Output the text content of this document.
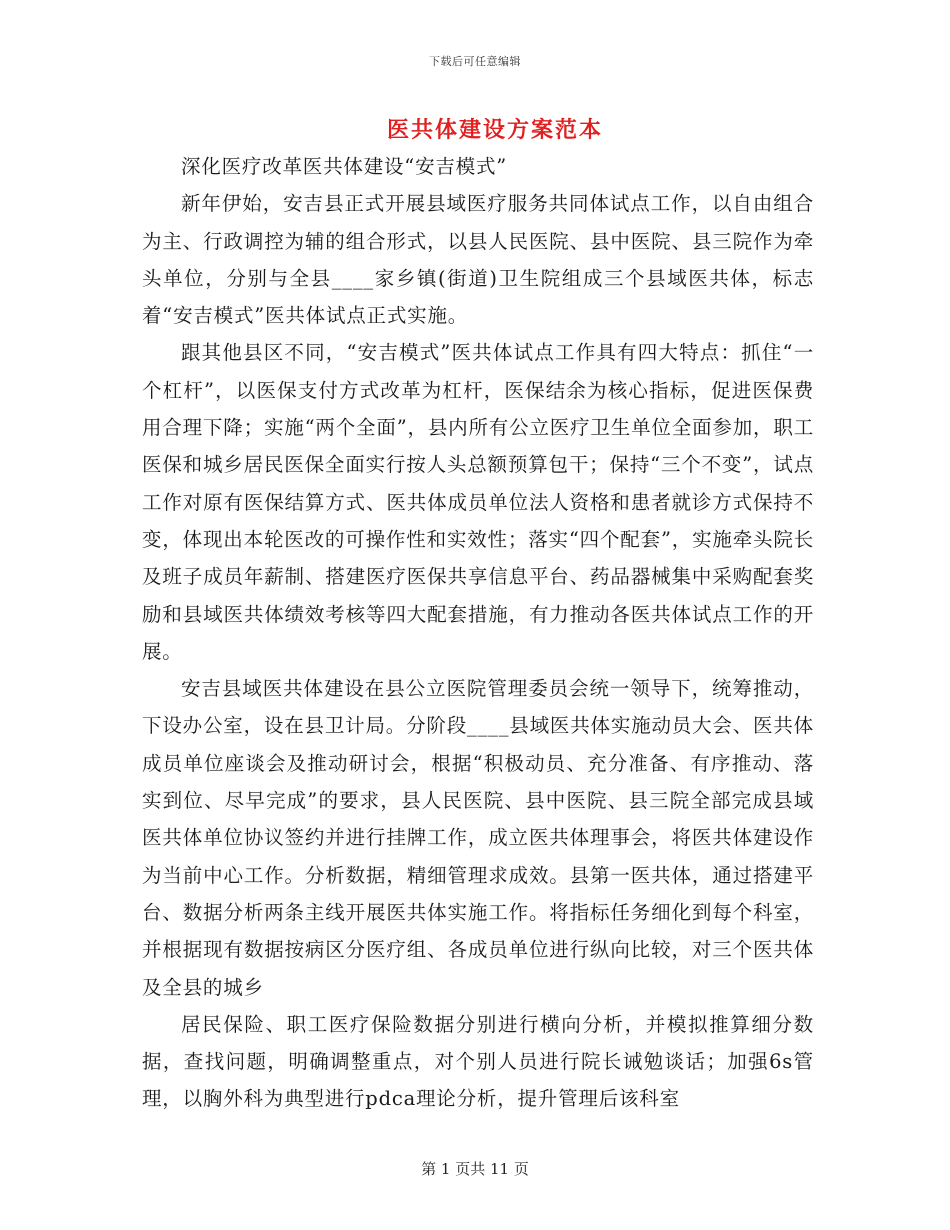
下载后可任意编辑
医共体建设方案范本

深化医疗改革医共体建设“安吉模式”

新年伊始，安吉县正式开展县域医疗服务共同体试点工作，以自由组合为主、行政调控为辅的组合形式，以县人民医院、县中医院、县三院作为牵头单位，分别与全县____家乡镇(街道)卫生院组成三个县域医共体，标志着“安吉模式”医共体试点正式实施。

跟其他县区不同，“安吉模式”医共体试点工作具有四大特点：抓住“一个杠杆”，以医保支付方式改革为杠杆，医保结余为核心指标，促进医保费用合理下降；实施“两个全面”，县内所有公立医疗卫生单位全面参加，职工医保和城乡居民医保全面实行按人头总额预算包干；保持“三个不变”，试点工作对原有医保结算方式、医共体成员单位法人资格和患者就诊方式保持不变，体现出本轮医改的可操作性和实效性；落实“四个配套”，实施牵头院长及班子成员年薪制、搭建医疗医保共享信息平台、药品器械集中采购配套奖励和县域医共体绩效考核等四大配套措施，有力推动各医共体试点工作的开展。

安吉县域医共体建设在县公立医院管理委员会统一领导下，统筹推动，下设办公室，设在县卫计局。分阶段____县域医共体实施动员大会、医共体成员单位座谈会及推动研讨会，根据“积极动员、充分准备、有序推动、落实到位、尽早完成”的要求，县人民医院、县中医院、县三院全部完成县域医共体单位协议签约并进行挂牌工作，成立医共体理事会，将医共体建设作为当前中心工作。分析数据，精细管理求成效。县第一医共体，通过搭建平台、数据分析两条主线开展医共体实施工作。将指标任务细化到每个科室，并根据现有数据按病区分医疗组、各成员单位进行纵向比较，对三个医共体及全县的城乡

居民保险、职工医疗保险数据分别进行横向分析，并模拟推算细分数据，查找问题，明确调整重点，对个别人员进行院长诫勉谈话；加强6s管理，以胸外科为典型进行pdca理论分析，提升管理后该科室

第 1 页共 11 页
